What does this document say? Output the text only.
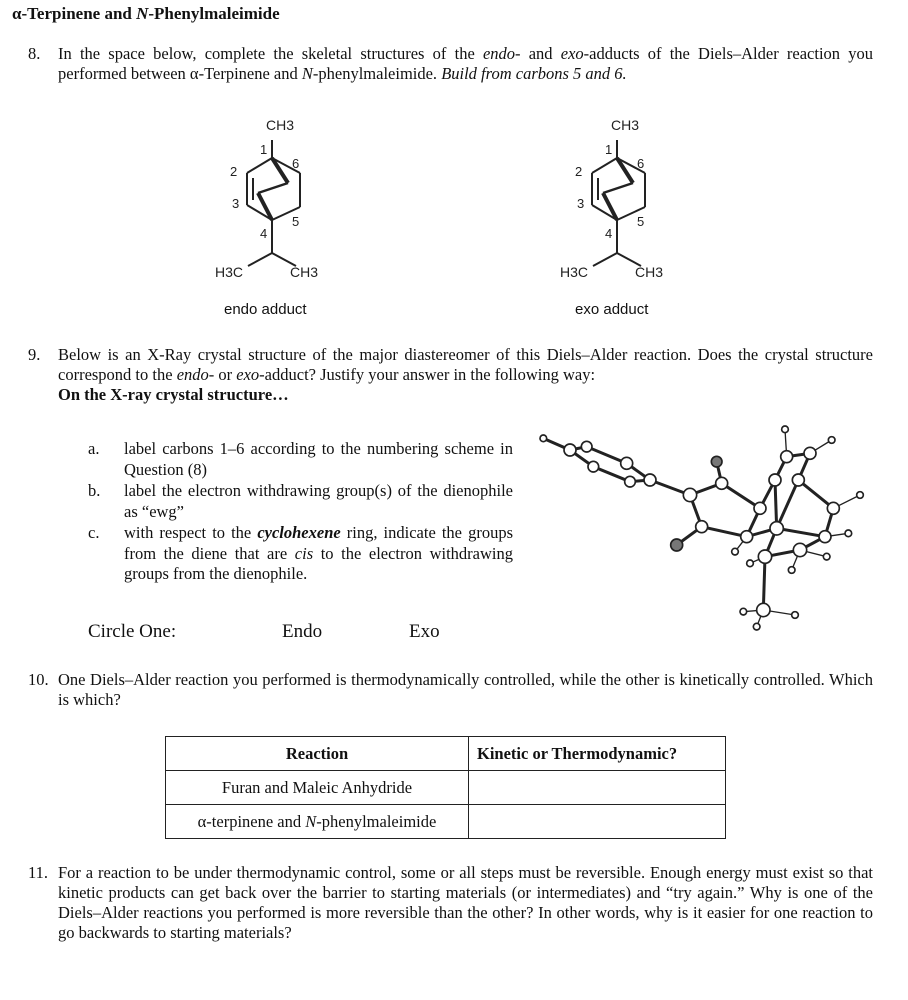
α-Terpinene and N-Phenylmaleimide
8. In the space below, complete the skeletal structures of the endo- and exo-adducts of the Diels–Alder reaction you performed between α-Terpinene and N-phenylmaleimide. Build from carbons 5 and 6.
CH3
1
2
3
4
5
6
H3C	CH3
endo adduct
CH3
1
2
3
4
5
6
H3C	CH3
exo adduct
9. Below is an X-Ray crystal structure of the major diastereomer of this Diels–Alder reaction. Does the crystal structure correspond to the endo- or exo-adduct? Justify your answer in the following way:
On the X-ray crystal structure…
a. label carbons 1–6 according to the numbering scheme in Question (8)
b. label the electron withdrawing group(s) of the dienophile as “ewg”
c. with respect to the cyclohexene ring, indicate the groups from the diene that are cis to the electron withdrawing groups from the dienophile.
Circle One:	Endo	Exo
10. One Diels–Alder reaction you performed is thermodynamically controlled, while the other is kinetically controlled. Which is which?
Reaction	Kinetic or Thermodynamic?
Furan and Maleic Anhydride	
α-terpinene and N-phenylmaleimide	
11. For a reaction to be under thermodynamic control, some or all steps must be reversible. Enough energy must exist so that kinetic products can get back over the barrier to starting materials (or intermediates) and “try again.” Why is one of the Diels–Alder reactions you performed is more reversible than the other? In other words, why is it easier for one reaction to go backwards to starting materials?
